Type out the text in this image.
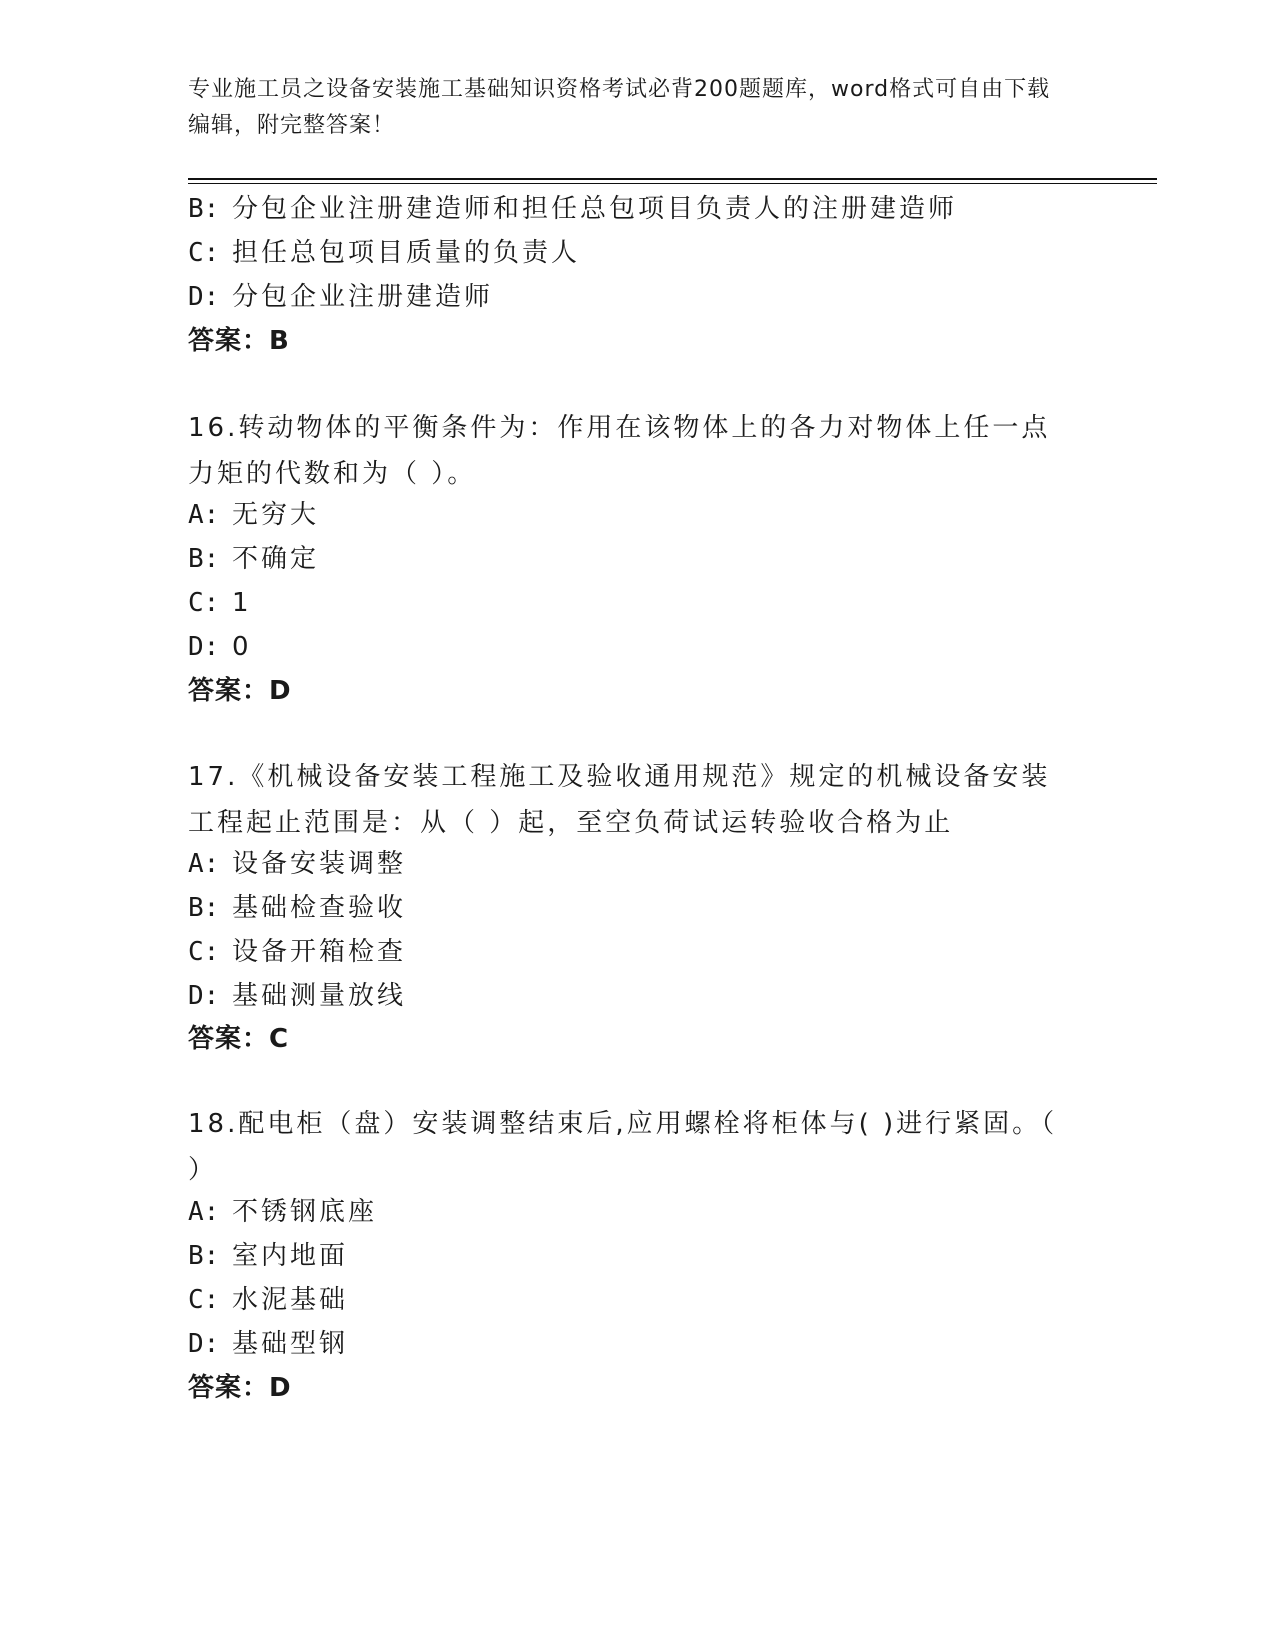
专业施工员之设备安装施工基础知识资格考试必背200题题库，word格式可自由下载编辑，附完整答案！
B: 分包企业注册建造师和担任总包项目负责人的注册建造师
C: 担任总包项目质量的负责人
D: 分包企业注册建造师
答案：B
16.转动物体的平衡条件为：作用在该物体上的各力对物体上任一点力矩的代数和为（ ）。
A: 无穷大
B: 不确定
C: 1
D: 0
答案：D
17.《机械设备安装工程施工及验收通用规范》规定的机械设备安装工程起止范围是：从（ ）起，至空负荷试运转验收合格为止
A: 设备安装调整
B: 基础检查验收
C: 设备开箱检查
D: 基础测量放线
答案：C
18.配电柜（盘）安装调整结束后,应用螺栓将柜体与( )进行紧固。（ ）
A: 不锈钢底座
B: 室内地面
C: 水泥基础
D: 基础型钢
答案：D
